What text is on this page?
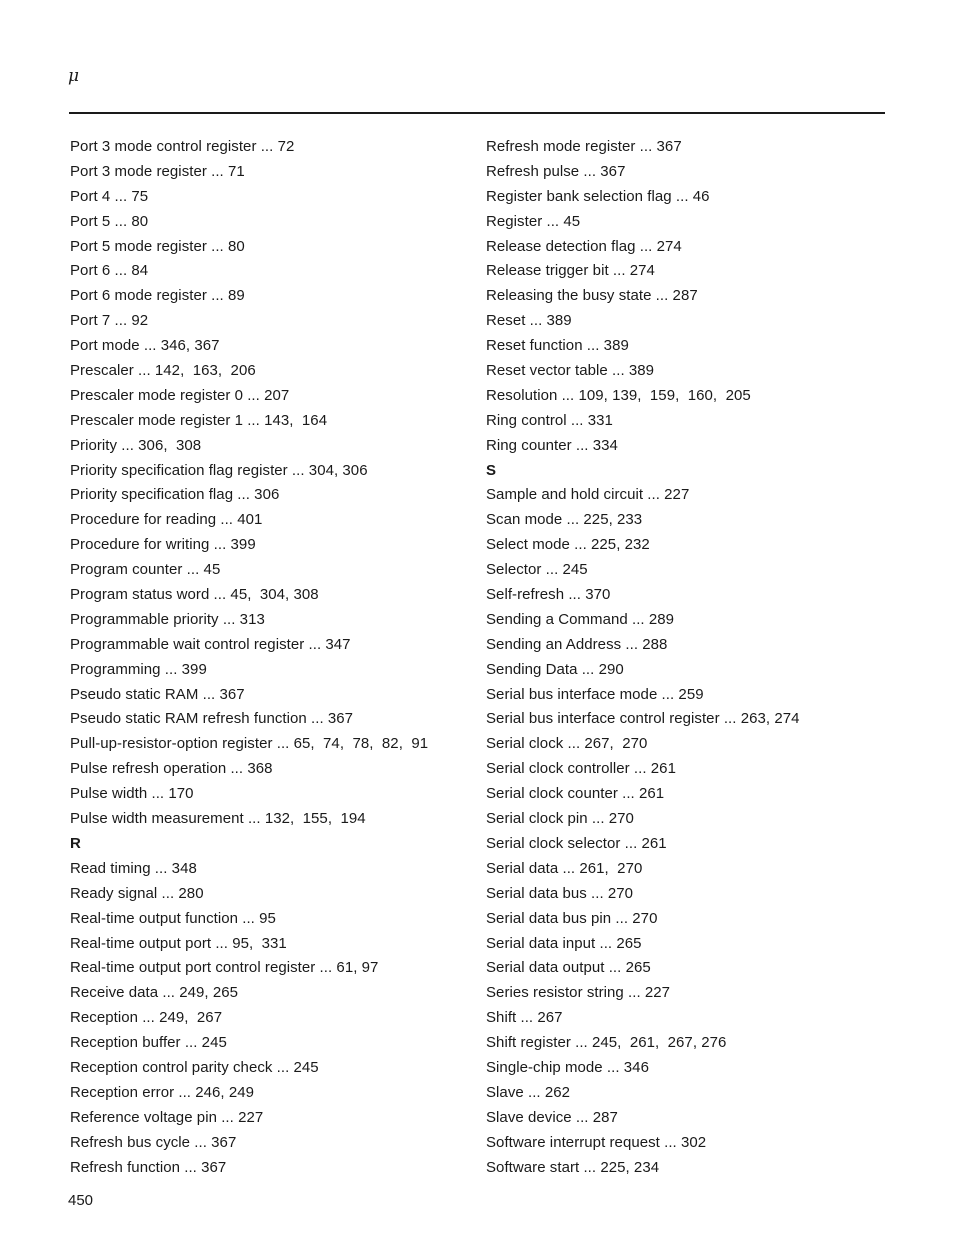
μ
Port 3 mode control register ... 72
Port 3 mode register ... 71
Port 4 ... 75
Port 5 ... 80
Port 5 mode register ... 80
Port 6 ... 84
Port 6 mode register ... 89
Port 7 ... 92
Port mode ... 346, 367
Prescaler ... 142,  163,  206
Prescaler mode register 0 ... 207
Prescaler mode register 1 ... 143,  164
Priority ... 306,  308
Priority specification flag register ... 304, 306
Priority specification flag ... 306
Procedure for reading ... 401
Procedure for writing ... 399
Program counter ... 45
Program status word ... 45,  304, 308
Programmable priority ... 313
Programmable wait control register ... 347
Programming ... 399
Pseudo static RAM ... 367
Pseudo static RAM refresh function ... 367
Pull-up-resistor-option register ... 65,  74,  78,  82,  91
Pulse refresh operation ... 368
Pulse width ... 170
Pulse width measurement ... 132,  155,  194
R
Read timing ... 348
Ready signal ... 280
Real-time output function ... 95
Real-time output port ... 95,  331
Real-time output port control register ... 61, 97
Receive data ... 249, 265
Reception ... 249,  267
Reception buffer ... 245
Reception control parity check ... 245
Reception error ... 246, 249
Reference voltage pin ... 227
Refresh bus cycle ... 367
Refresh function ... 367
Refresh mode register ... 367
Refresh pulse ... 367
Register bank selection flag ... 46
Register ... 45
Release detection flag ... 274
Release trigger bit ... 274
Releasing the busy state ... 287
Reset ... 389
Reset function ... 389
Reset vector table ... 389
Resolution ... 109, 139,  159,  160,  205
Ring control ... 331
Ring counter ... 334
S
Sample and hold circuit ... 227
Scan mode ... 225, 233
Select mode ... 225, 232
Selector ... 245
Self-refresh ... 370
Sending a Command ... 289
Sending an Address ... 288
Sending Data ... 290
Serial bus interface mode ... 259
Serial bus interface control register ... 263, 274
Serial clock ... 267,  270
Serial clock controller ... 261
Serial clock counter ... 261
Serial clock pin ... 270
Serial clock selector ... 261
Serial data ... 261,  270
Serial data bus ... 270
Serial data bus pin ... 270
Serial data input ... 265
Serial data output ... 265
Series resistor string ... 227
Shift ... 267
Shift register ... 245,  261,  267, 276
Single-chip mode ... 346
Slave ... 262
Slave device ... 287
Software interrupt request ... 302
Software start ... 225, 234
450
